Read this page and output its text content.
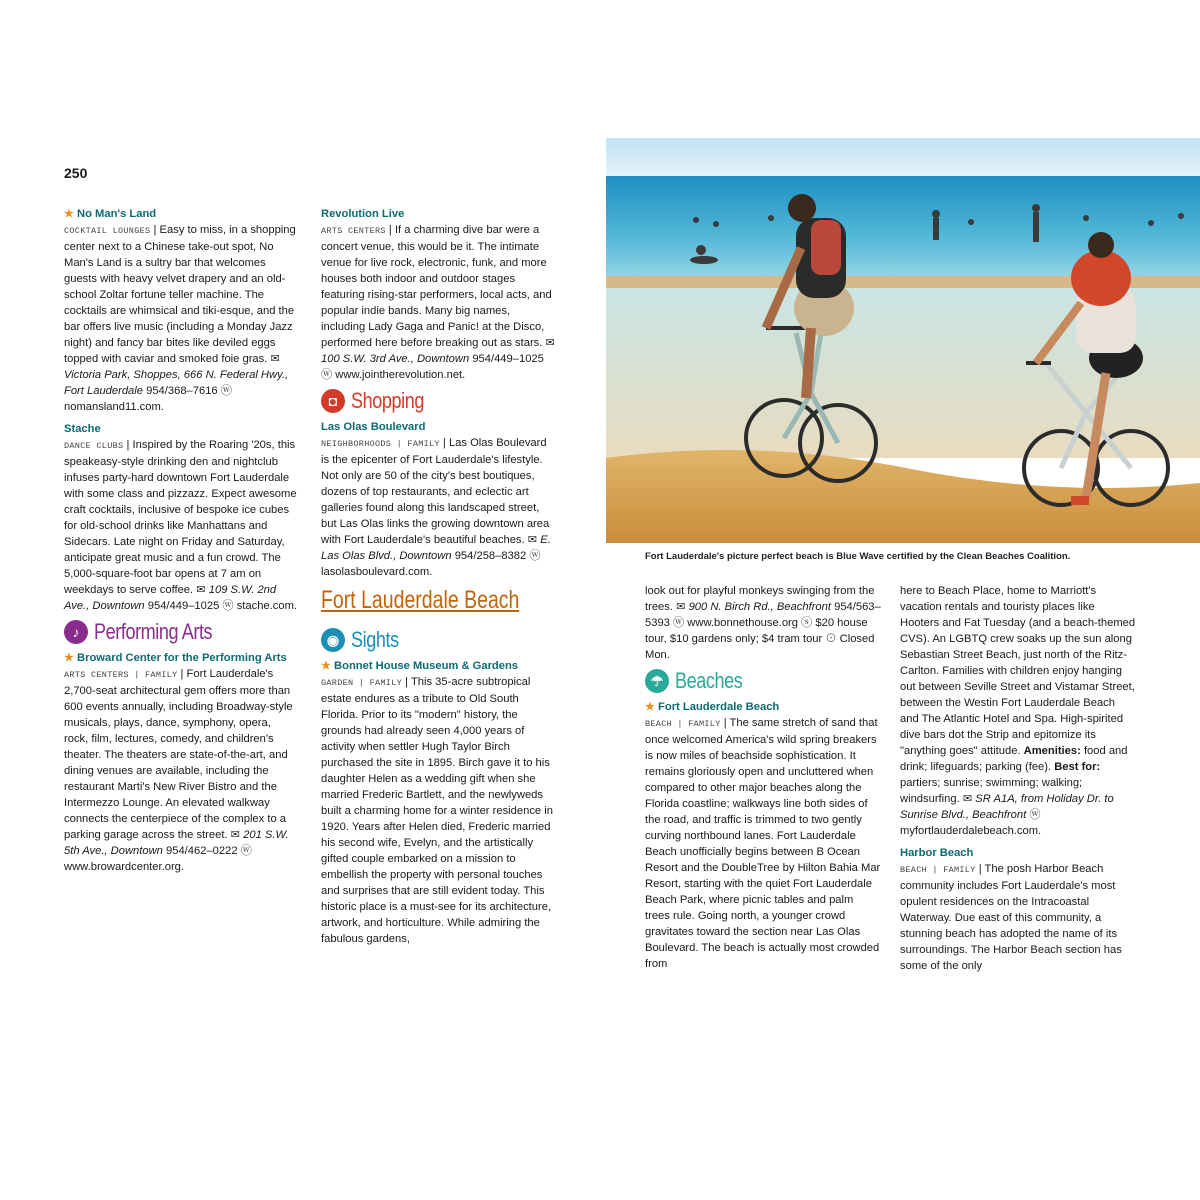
250
★ No Man's Land
COCKTAIL LOUNGES | Easy to miss, in a shopping center next to a Chinese take-out spot, No Man's Land is a sultry bar that welcomes guests with heavy velvet drapery and an old-school Zoltar fortune teller machine. The cocktails are whimsical and tiki-esque, and the bar offers live music (including a Monday Jazz night) and fancy bar bites like deviled eggs topped with caviar and smoked foie gras. ✉ Victoria Park, Shoppes, 666 N. Federal Hwy., Fort Lauderdale 954/368–7616 ⓦ nomansland11.com.
Stache
DANCE CLUBS | Inspired by the Roaring '20s, this speakeasy-style drinking den and nightclub infuses party-hard downtown Fort Lauderdale with some class and pizzazz. Expect awesome craft cocktails, inclusive of bespoke ice cubes for old-school drinks like Manhattans and Sidecars. Late night on Friday and Saturday, anticipate great music and a fun crowd. The 5,000-square-foot bar opens at 7 am on weekdays to serve coffee. ✉ 109 S.W. 2nd Ave., Downtown 954/449–1025 ⓦ stache.com.
♪ Performing Arts
★ Broward Center for the Performing Arts
ARTS CENTERS | FAMILY | Fort Lauderdale's 2,700-seat architectural gem offers more than 600 events annually, including Broadway-style musicals, plays, dance, symphony, opera, rock, film, lectures, comedy, and children's theater. The theaters are state-of-the-art, and dining venues are available, including the restaurant Marti's New River Bistro and the Intermezzo Lounge. An elevated walkway connects the centerpiece of the complex to a parking garage across the street. ✉ 201 S.W. 5th Ave., Downtown 954/462–0222 ⓦ www.browardcenter.org.
Revolution Live
ARTS CENTERS | If a charming dive bar were a concert venue, this would be it. The intimate venue for live rock, electronic, funk, and more houses both indoor and outdoor stages featuring rising-star performers, local acts, and popular indie bands. Many big names, including Lady Gaga and Panic! at the Disco, performed here before breaking out as stars. ✉ 100 S.W. 3rd Ave., Downtown 954/449–1025 ⓦ www.jointherevolution.net.
◘ Shopping
Las Olas Boulevard
NEIGHBORHOODS | FAMILY | Las Olas Boulevard is the epicenter of Fort Lauderdale's lifestyle. Not only are 50 of the city's best boutiques, dozens of top restaurants, and eclectic art galleries found along this landscaped street, but Las Olas links the growing downtown area with Fort Lauderdale's beautiful beaches. ✉ E. Las Olas Blvd., Downtown 954/258–8382 ⓦ lasolasboulevard.com.
Fort Lauderdale Beach
◉ Sights
★ Bonnet House Museum & Gardens
GARDEN | FAMILY | This 35-acre subtropical estate endures as a tribute to Old South Florida. Prior to its "modern" history, the grounds had already seen 4,000 years of activity when settler Hugh Taylor Birch purchased the site in 1895. Birch gave it to his daughter Helen as a wedding gift when she married Frederic Bartlett, and the newlyweds built a charming home for a winter residence in 1920. Years after Helen died, Frederic married his second wife, Evelyn, and the artistically gifted couple embarked on a mission to embellish the property with personal touches and surprises that are still evident today. This historic place is a must-see for its architecture, artwork, and horticulture. While admiring the fabulous gardens,
Fort Lauderdale's picture perfect beach is Blue Wave certified by the Clean Beaches Coalition.
look out for playful monkeys swinging from the trees. ✉ 900 N. Birch Rd., Beachfront 954/563–5393 ⓦ www.bonnethouse.org ⓢ $20 house tour, $10 gardens only; $4 tram tour ⊙ Closed Mon.
☂ Beaches
★ Fort Lauderdale Beach
BEACH | FAMILY | The same stretch of sand that once welcomed America's wild spring breakers is now miles of beachside sophistication. It remains gloriously open and uncluttered when compared to other major beaches along the Florida coastline; walkways line both sides of the road, and traffic is trimmed to two gently curving northbound lanes. Fort Lauderdale Beach unofficially begins between B Ocean Resort and the DoubleTree by Hilton Bahia Mar Resort, starting with the quiet Fort Lauderdale Beach Park, where picnic tables and palm trees rule. Going north, a younger crowd gravitates toward the section near Las Olas Boulevard. The beach is actually most crowded from
here to Beach Place, home to Marriott's vacation rentals and touristy places like Hooters and Fat Tuesday (and a beach-themed CVS). An LGBTQ crew soaks up the sun along Sebastian Street Beach, just north of the Ritz-Carlton. Families with children enjoy hanging out between Seville Street and Vistamar Street, between the Westin Fort Lauderdale Beach and The Atlantic Hotel and Spa. High-spirited dive bars dot the Strip and epitomize its "anything goes" attitude. Amenities: food and drink; lifeguards; parking (fee). Best for: partiers; sunrise; swimming; walking; windsurfing. ✉ SR A1A, from Holiday Dr. to Sunrise Blvd., Beachfront ⓦ myfortlauderdalebeach.com.
Harbor Beach
BEACH | FAMILY | The posh Harbor Beach community includes Fort Lauderdale's most opulent residences on the Intracoastal Waterway. Due east of this community, a stunning beach has adopted the name of its surroundings. The Harbor Beach section has some of the only
